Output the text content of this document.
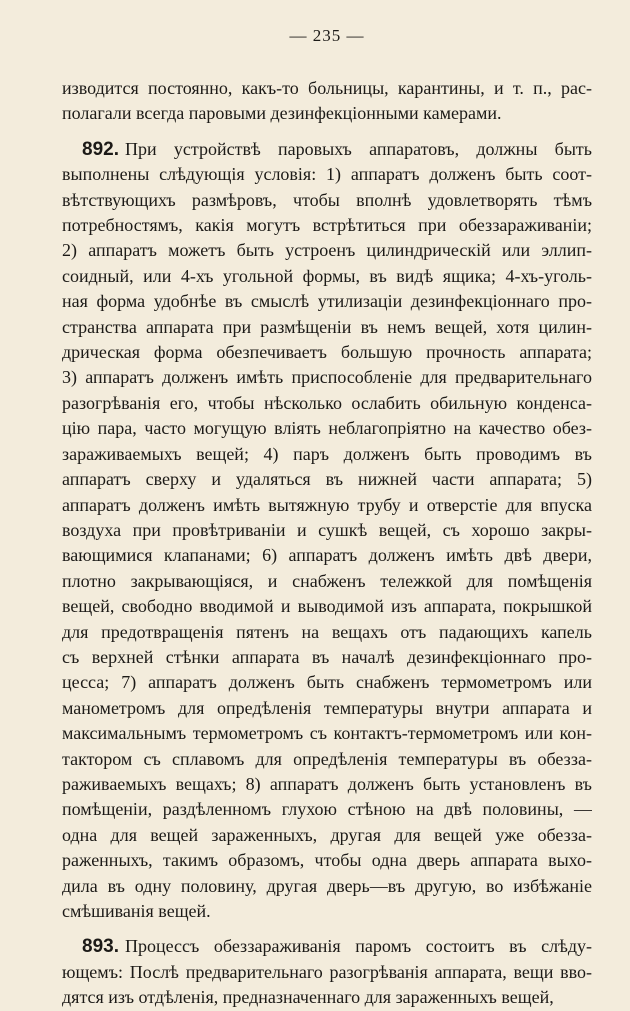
— 235 —
изводится постоянно, какъ-то больницы, карантины, и т. п., рас-
полагали всегда паровыми дезинфекцiонными камерами.
892. При устройствѣ паровыхъ аппаратовъ, должны быть
выполнены слѣдующiя условiя: 1) аппаратъ долженъ быть соот-
вѣтствующихъ размѣровъ, чтобы вполнѣ удовлетворять тѣмъ
потребностямъ, какiя могутъ встрѣтиться при обеззараживанiи;
2) аппаратъ можетъ быть устроенъ цилиндрическiй или эллип-
соидный, или 4-хъ угольной формы, въ видѣ ящика; 4-хъ-уголь-
ная форма удобнѣе въ смыслѣ утилизацiи дезинфекцiоннаго про-
странства аппарата при размѣщенiи въ немъ вещей, хотя цилин-
дрическая форма обезпечиваетъ большую прочность аппарата;
3) аппаратъ долженъ имѣть приспособленiе для предварительнаго
разогрѣванiя его, чтобы нѣсколько ослабить обильную конденса-
цiю пара, часто могущую влiять неблагопрiятно на качество обез-
зараживаемыхъ вещей; 4) паръ долженъ быть проводимъ въ
аппаратъ сверху и удаляться въ нижней части аппарата; 5)
аппаратъ долженъ имѣть вытяжную трубу и отверстiе для впуска
воздуха при провѣтриванiи и сушкѣ вещей, съ хорошо закры-
вающимися клапанами; 6) аппаратъ долженъ имѣть двѣ двери,
плотно закрывающiяся, и снабженъ тележкой для помѣщенiя
вещей, свободно вводимой и выводимой изъ аппарата, покрышкой
для предотвращенiя пятенъ на вещахъ отъ падающихъ капель
съ верхней стѣнки аппарата въ началѣ дезинфекцiоннаго про-
цесса; 7) аппаратъ долженъ быть снабженъ термометромъ или
манометромъ для опредѣленiя температуры внутри аппарата и
максимальнымъ термометромъ съ контактъ-термометромъ или кон-
тактором съ сплавомъ для опредѣленiя температуры въ обезза-
раживаемыхъ вещахъ; 8) аппаратъ долженъ быть установленъ въ
помѣщенiи, раздѣленномъ глухою стѣною на двѣ половины, —
одна для вещей зараженныхъ, другая для вещей уже обезза-
раженныхъ, такимъ образомъ, чтобы одна дверь аппарата выхо-
дила въ одну половину, другая дверь—въ другую, во избѣжанiе
смѣшиванiя вещей.
893. Процессъ обеззараживанiя паромъ состоитъ въ слѣду-
ющемъ: Послѣ предварительнаго разогрѣванiя аппарата, вещи вво-
дятся изъ отдѣленiя, предназначеннаго для зараженныхъ вещей,
